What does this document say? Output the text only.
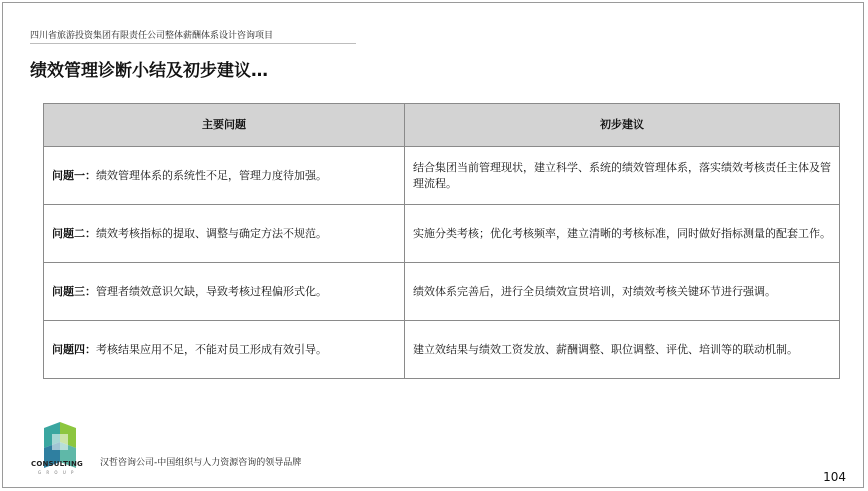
四川省旅游投资集团有限责任公司整体薪酬体系设计咨询项目
绩效管理诊断小结及初步建议…
主要问题	初步建议
问题一：绩效管理体系的系统性不足，管理力度待加强。	结合集团当前管理现状，建立科学、系统的绩效管理体系，落实绩效考核责任主体及管理流程。
问题二：绩效考核指标的提取、调整与确定方法不规范。	实施分类考核；优化考核频率，建立清晰的考核标准，同时做好指标测量的配套工作。
问题三：管理者绩效意识欠缺，导致考核过程偏形式化。	绩效体系完善后，进行全员绩效宣贯培训，对绩效考核关键环节进行强调。
问题四：考核结果应用不足，不能对员工形成有效引导。	建立效结果与绩效工资发放、薪酬调整、职位调整、评优、培训等的联动机制。
CONSULTING
G R O U P
汉哲咨询公司-中国组织与人力资源咨询的领导品牌
104
